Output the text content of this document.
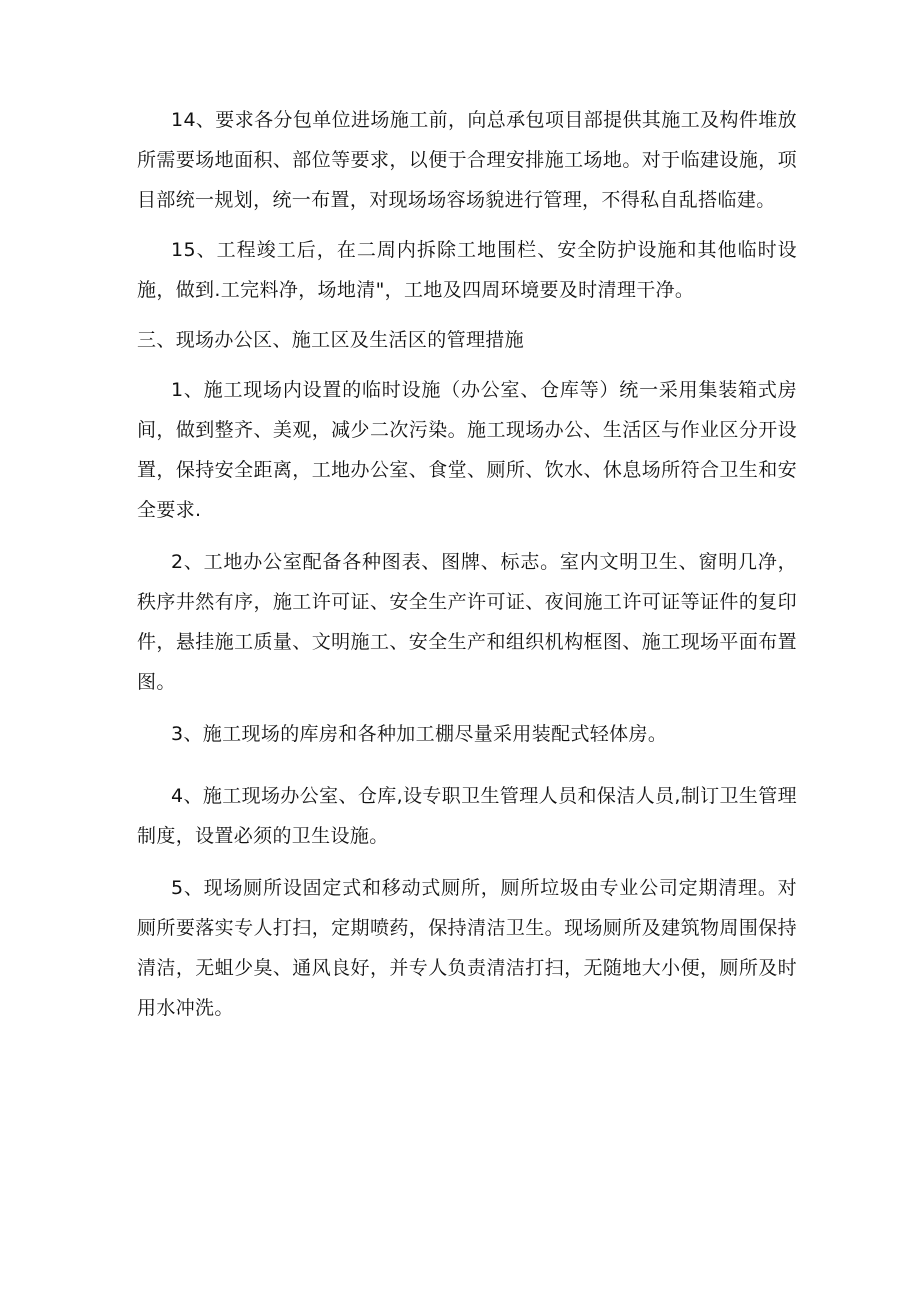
14、要求各分包单位进场施工前，向总承包项目部提供其施工及构件堆放所需要场地面积、部位等要求，以便于合理安排施工场地。对于临建设施，项目部统一规划，统一布置，对现场场容场貌进行管理，不得私自乱搭临建。

15、工程竣工后，在二周内拆除工地围栏、安全防护设施和其他临时设施，做到.工完料净，场地清"，工地及四周环境要及时清理干净。

三、现场办公区、施工区及生活区的管理措施

1、施工现场内设置的临时设施（办公室、仓库等）统一采用集装箱式房间，做到整齐、美观，减少二次污染。施工现场办公、生活区与作业区分开设置，保持安全距离，工地办公室、食堂、厕所、饮水、休息场所符合卫生和安全要求.

2、工地办公室配备各种图表、图牌、标志。室内文明卫生、窗明几净，秩序井然有序，施工许可证、安全生产许可证、夜间施工许可证等证件的复印件，悬挂施工质量、文明施工、安全生产和组织机构框图、施工现场平面布置图。

3、施工现场的库房和各种加工棚尽量采用装配式轻体房。

4、施工现场办公室、仓库,设专职卫生管理人员和保洁人员,制订卫生管理制度，设置必须的卫生设施。

5、现场厕所设固定式和移动式厕所，厕所垃圾由专业公司定期清理。对厕所要落实专人打扫，定期喷药，保持清洁卫生。现场厕所及建筑物周围保持清洁，无蛆少臭、通风良好，并专人负责清洁打扫，无随地大小便，厕所及时用水冲洗。
